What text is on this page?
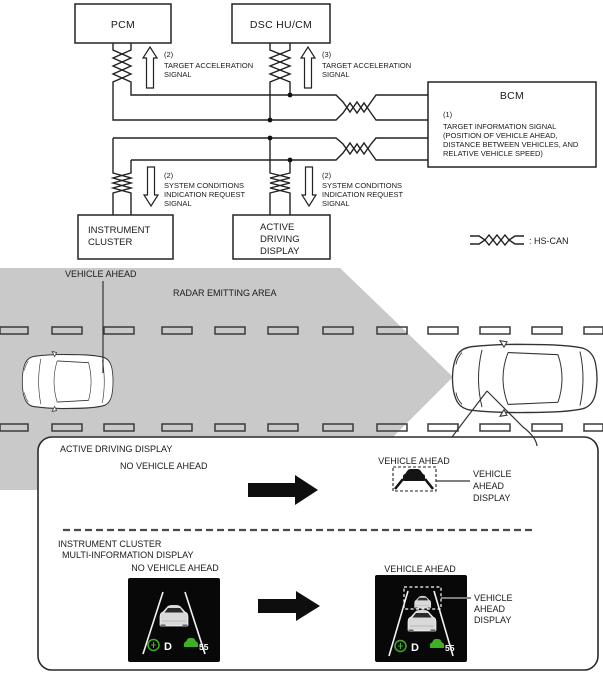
PCM	DSC HU/CM
BCM
(1)
TARGET INFORMATION SIGNAL
(POSITION OF VEHICLE AHEAD,
DISTANCE BETWEEN VEHICLES, AND
RELATIVE VEHICLE SPEED)
INSTRUMENT
CLUSTER
ACTIVE
DRIVING
DISPLAY
(2)
TARGET ACCELERATION
SIGNAL
(3)
TARGET ACCELERATION
SIGNAL
(2)
SYSTEM CONDITIONS
INDICATION REQUEST
SIGNAL
(2)
SYSTEM CONDITIONS
INDICATION REQUEST
SIGNAL
: HS-CAN
VEHICLE AHEAD
RADAR EMITTING AREA
ACTIVE DRIVING DISPLAY
NO VEHICLE AHEAD	VEHICLE AHEAD
VEHICLE
AHEAD
DISPLAY
INSTRUMENT CLUSTER
MULTI-INFORMATION DISPLAY
NO VEHICLE AHEAD
D	55
VEHICLE AHEAD
D	55
VEHICLE
AHEAD
DISPLAY
